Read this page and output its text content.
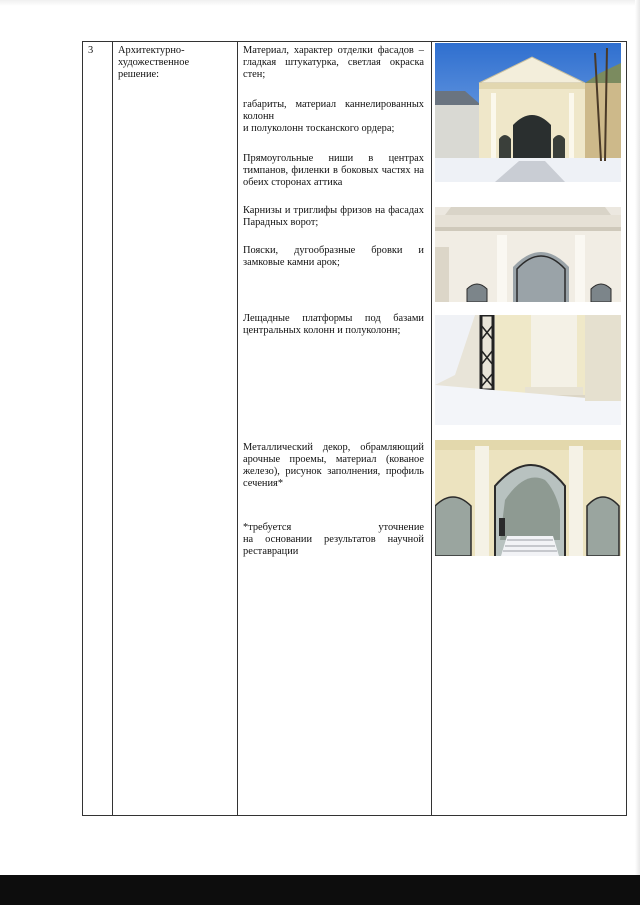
3	Архитектурно-художественное решение:

Материал, характер отделки фасадов – гладкая штукатурка, светлая окраска стен;

габариты, материал каннелированных колонн

и полуколонн тосканского ордера;

Прямоугольные ниши в центрах тимпанов, филенки в боковых частях на обеих сторонах аттика

Карнизы и триглифы фризов на фасадах Парадных ворот;

Пояски, дугообразные бровки и замковые камни арок;

Лещадные платформы под базами центральных колонн и полуколонн;

Металлический декор, обрамляющий арочные проемы, материал (кованое железо), рисунок заполнения, профиль сечения*

*требуется уточнение

на основании результатов научной реставрации
